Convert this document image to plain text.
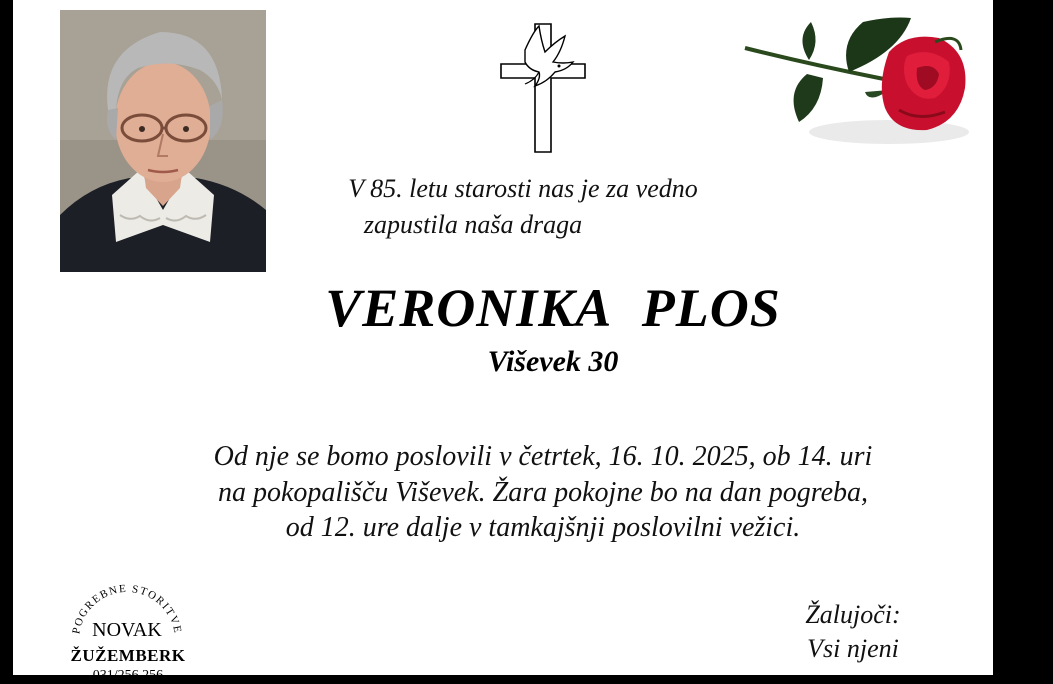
V 85. letu starosti nas je za vedno
zapustila naša draga
VERONIKA PLOS
Viševek 30
Od nje se bomo poslovili v četrtek, 16. 10. 2025, ob 14. uri
na pokopališču Viševek. Žara pokojne bo na dan pogreba,
od 12. ure dalje v tamkajšnji poslovilni vežici.
POGREBNE STORITVE
NOVAK
ŽUŽEMBERK
031/256 256
Žalujoči:
Vsi njeni
